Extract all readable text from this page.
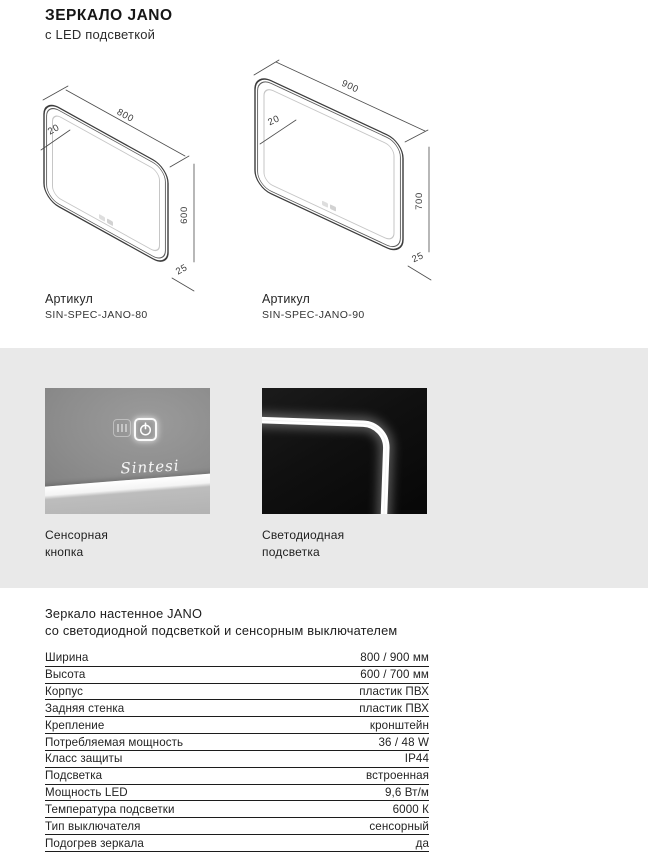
ЗЕРКАЛО JANO
с LED подсветкой
800
20
600
25
900
20
700
25
Артикул
SIN-SPEC-JANO-80
Артикул
SIN-SPEC-JANO-90
Sintesi
Сенсорная
кнопка
Светодиодная
подсветка
Зеркало настенное JANO
со светодиодной подсветкой и сенсорным выключателем
Ширина	800 / 900 мм
Высота	600 / 700 мм
Корпус	пластик ПВХ
Задняя стенка	пластик ПВХ
Крепление	кронштейн
Потребляемая мощность	36 / 48 W
Класс защиты	IP44
Подсветка	встроенная
Мощность LED	9,6 Вт/м
Температура подсветки	6000 К
Тип выключателя	сенсорный
Подогрев зеркала	да
